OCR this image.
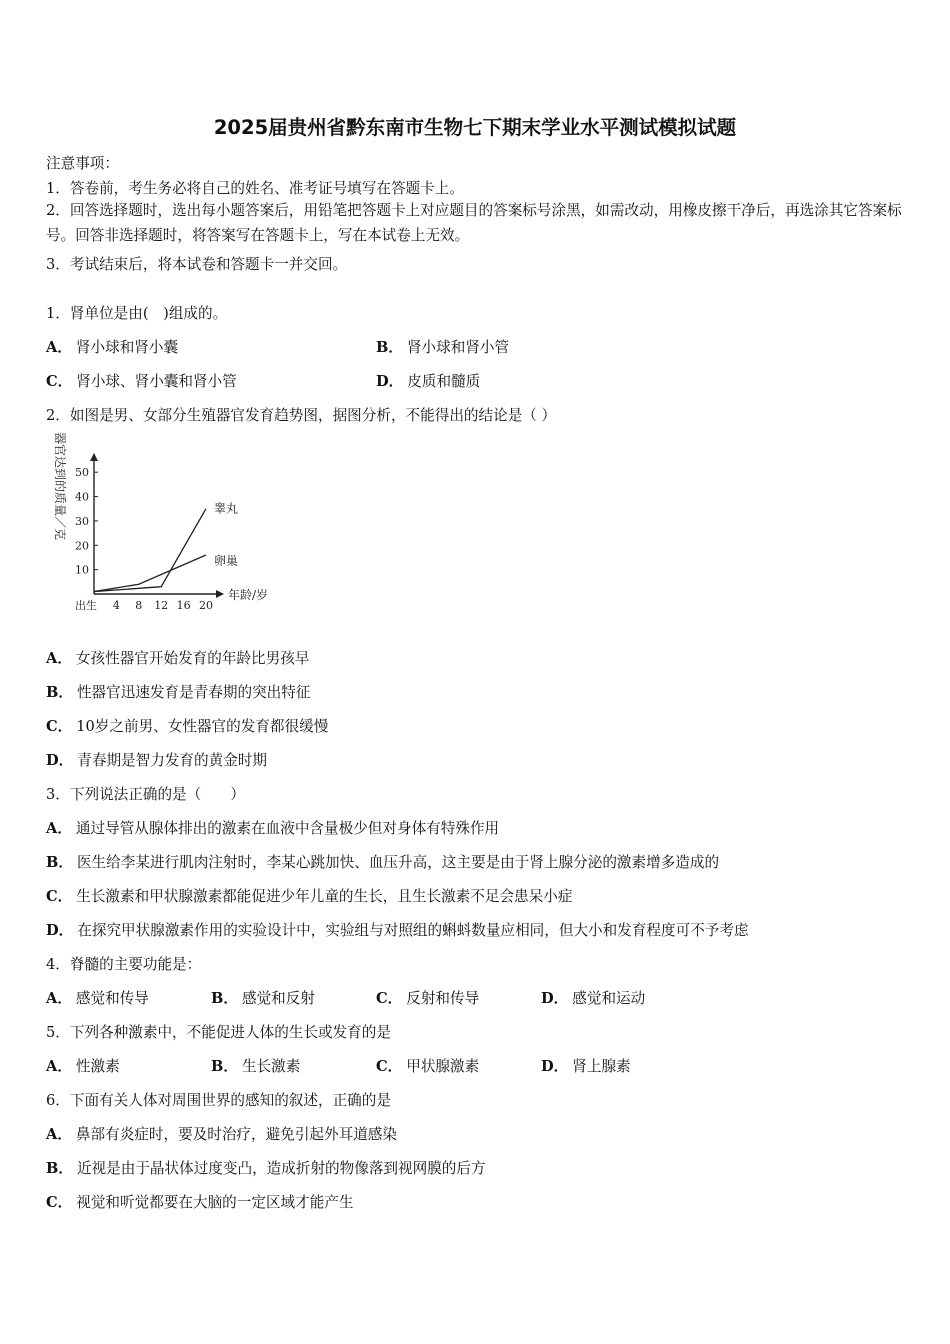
2025届贵州省黔东南市生物七下期末学业水平测试模拟试题
注意事项：
1．答卷前，考生务必将自己的姓名、准考证号填写在答题卡上。
2．回答选择题时，选出每小题答案后，用铅笔把答题卡上对应题目的答案标号涂黑，如需改动，用橡皮擦干净后，再选涂其它答案标号。回答非选择题时，将答案写在答题卡上，写在本试卷上无效。
3．考试结束后，将本试卷和答题卡一并交回。
1．肾单位是由(　)组成的。
A． 肾小球和肾小囊	B． 肾小球和肾小管
C． 肾小球、肾小囊和肾小管	D． 皮质和髓质
2．如图是男、女部分生殖器官发育趋势图，据图分析，不能得出的结论是（ ）
10
20
30
40
50
出生 4 8 12 16 20
年龄/岁
器官达到的质量／克	睾丸
卵巢
A． 女孩性器官开始发育的年龄比男孩早
B． 性器官迅速发育是青春期的突出特征
C． 10岁之前男、女性器官的发育都很缓慢
D． 青春期是智力发育的黄金时期
3．下列说法正确的是（　　）
A． 通过导管从腺体排出的激素在血液中含量极少但对身体有特殊作用
B． 医生给李某进行肌肉注射时，李某心跳加快、血压升高，这主要是由于肾上腺分泌的激素增多造成的
C． 生长激素和甲状腺激素都能促进少年儿童的生长，且生长激素不足会患呆小症
D． 在探究甲状腺激素作用的实验设计中，实验组与对照组的蝌蚪数量应相同，但大小和发育程度可不予考虑
4．脊髓的主要功能是：
A． 感觉和传导	B． 感觉和反射	C． 反射和传导	D． 感觉和运动
5．下列各种激素中，不能促进人体的生长或发育的是
A． 性激素	B． 生长激素	C． 甲状腺激素	D． 肾上腺素
6．下面有关人体对周围世界的感知的叙述，正确的是
A． 鼻部有炎症时，要及时治疗，避免引起外耳道感染
B． 近视是由于晶状体过度变凸，造成折射的物像落到视网膜的后方
C． 视觉和听觉都要在大脑的一定区域才能产生
